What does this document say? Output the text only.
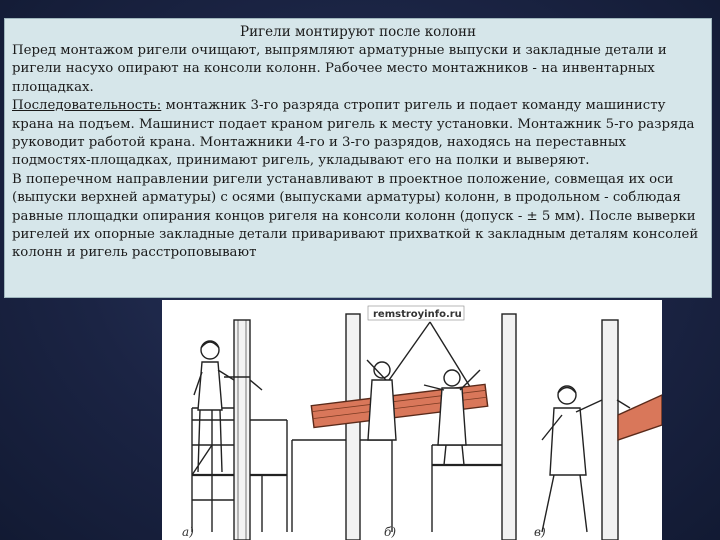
Ригели монтируют после колонн

Перед монтажом ригели очищают, выпрямляют арматурные выпуски и закладные детали и ригели насухо опирают на консоли колонн. Рабочее место монтажников - на инвентарных площадках.

Последовательность: монтажник 3-го разряда стропит ригель и подает команду машинисту крана на подъем. Машинист подает краном ригель к месту установки. Монтажник 5-го разряда руководит работой крана. Монтажники 4-го и 3-го разрядов, находясь на переставных подмостях-площадках, принимают ригель, укладывают его на полки и выверяют.

В поперечном направлении ригели устанавливают в проектное положение, совмещая их оси (выпуски верхней арматуры) с осями (выпусками арматуры) колонн, в продольном - соблюдая равные площадки опирания концов ригеля на консоли колонн (допуск - ± 5 мм). После выверки ригелей их опорные закладные детали приваривают прихваткой к закладным деталям консолей колонн и ригель расстроповывают

remstroyinfo.ru
а)	б)	в)
